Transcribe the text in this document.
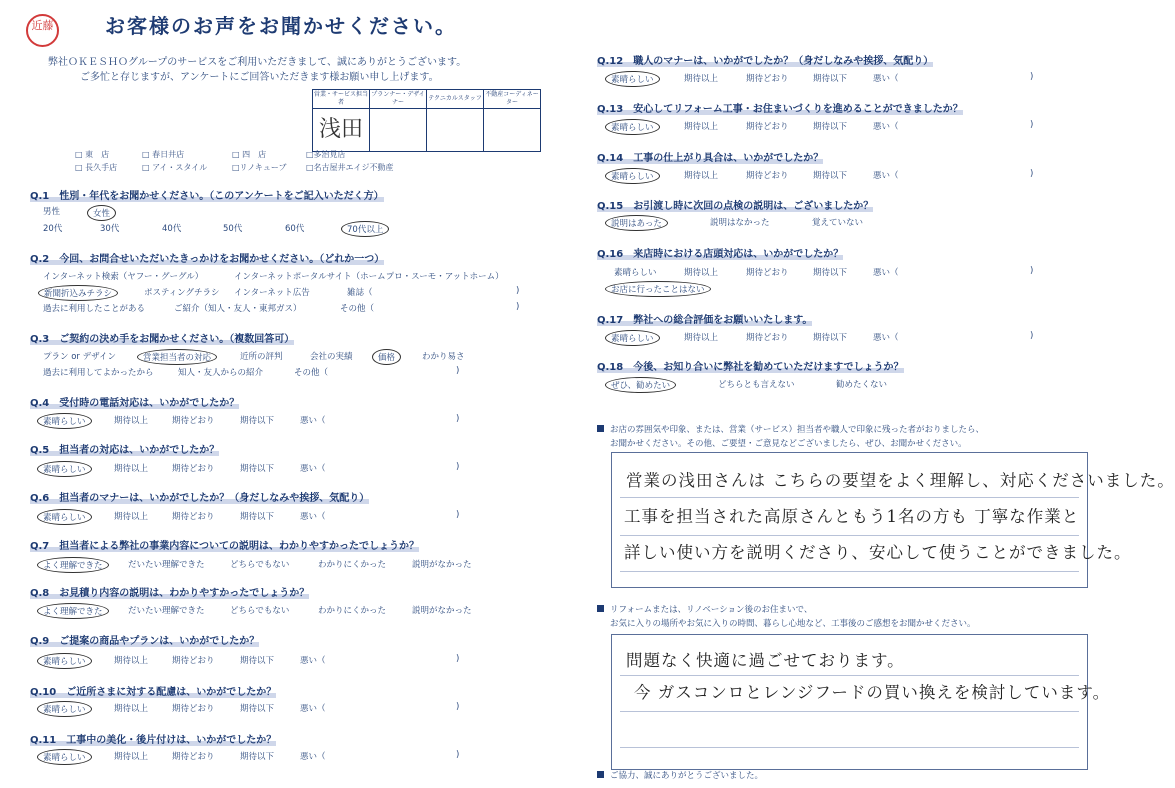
近藤	お客様のお声をお聞かせください。
弊社ＯＫＥＳＨＯグループのサービスをご利用いただきまして、誠にありがとうございます。
ご多忙と存じますが、アンケートにご回答いただきます様お願い申し上げます。
営業・サービス担当者	プランナー・デザイナー	テクニカルスタッフ	不動産コーディネーター
浅田			
□ 東　店	□ 春日井店	□ 四　店	□多治見店
□ 長久手店	□ アイ・スタイル	□リノキューブ □名古屋井エイジ不動産
Q.1　性別・年代をお聞かせください。（このアンケートをご記入いただく方）
男性	女性
20代	30代	40代	50代	60代	70代以上
Q.2　今回、お問合せいただいたきっかけをお聞かせください。（どれか一つ）
インターネット検索（ヤフー・グーグル）	インターネットポータルサイト（ホームプロ・スーモ・アットホーム）
新聞折込みチラシ	ポスティングチラシ インターネット広告	雑誌（	)
過去に利用したことがある	ご紹介（知人・友人・東邦ガス）	その他（	)
Q.3　ご契約の決め手をお聞かせください。（複数回答可）
プラン or デザイン	営業担当者の対応	近所の評判	会社の実績	価格	わかり易さ
過去に利用してよかったから	知人・友人からの紹介	その他（	)
Q.4　受付時の電話対応は、いかがでしたか？
素晴らしい	期待以上	期待どおり	期待以下	悪い（	)
Q.5　担当者の対応は、いかがでしたか？
素晴らしい	期待以上	期待どおり	期待以下	悪い（	)
Q.6　担当者のマナーは、いかがでしたか？（身だしなみや挨拶、気配り）
素晴らしい	期待以上	期待どおり	期待以下	悪い（	)
Q.7　担当者による弊社の事業内容についての説明は、わかりやすかったでしょうか？
よく理解できた	だいたい理解できた	どちらでもない	わかりにくかった	説明がなかった
Q.8　お見積り内容の説明は、わかりやすかったでしょうか？
よく理解できた	だいたい理解できた	どちらでもない	わかりにくかった	説明がなかった
Q.9　ご提案の商品やプランは、いかがでしたか？
素晴らしい	期待以上	期待どおり	期待以下	悪い（	)
Q.10　ご近所さまに対する配慮は、いかがでしたか？
素晴らしい	期待以上	期待どおり	期待以下	悪い（	)
Q.11　工事中の美化・後片付けは、いかがでしたか？
素晴らしい	期待以上	期待どおり	期待以下	悪い（	)
Q.12　職人のマナーは、いかがでしたか？（身だしなみや挨拶、気配り）
素晴らしい	期待以上	期待どおり	期待以下	悪い（	)
Q.13　安心してリフォーム工事・お住まいづくりを進めることができましたか？
素晴らしい	期待以上	期待どおり	期待以下	悪い（	)
Q.14　工事の仕上がり具合は、いかがでしたか？
素晴らしい	期待以上	期待どおり	期待以下	悪い（	)
Q.15　お引渡し時に次回の点検の説明は、ございましたか？
説明はあった	説明はなかった	覚えていない
Q.16　来店時における店頭対応は、いかがでしたか？
素晴らしい	期待以上	期待どおり	期待以下	悪い（	)
お店に行ったことはない
Q.17　弊社への総合評価をお願いいたします。
素晴らしい	期待以上	期待どおり	期待以下	悪い（	)
Q.18　今後、お知り合いに弊社を勧めていただけますでしょうか？
ぜひ、勧めたい	どちらとも言えない	勧めたくない
お店の雰囲気や印象、または、営業（サービス）担当者や職人で印象に残った者がおりましたら、
お聞かせください。その他、ご要望・ご意見などございましたら、ぜひ、お聞かせください。
営業の浅田さんは こちらの要望をよく理解し、対応くださいました。
工事を担当された高原さんともう1名の方も 丁寧な作業と
詳しい使い方を説明くださり、安心して使うことができました。
リフォームまたは、リノベーション後のお住まいで、
お気に入りの場所やお気に入りの時間、暮らし心地など、工事後のご感想をお聞かせください。
問題なく快適に過ごせております。
今 ガスコンロとレンジフードの買い換えを検討しています。
ご協力、誠にありがとうございました。
